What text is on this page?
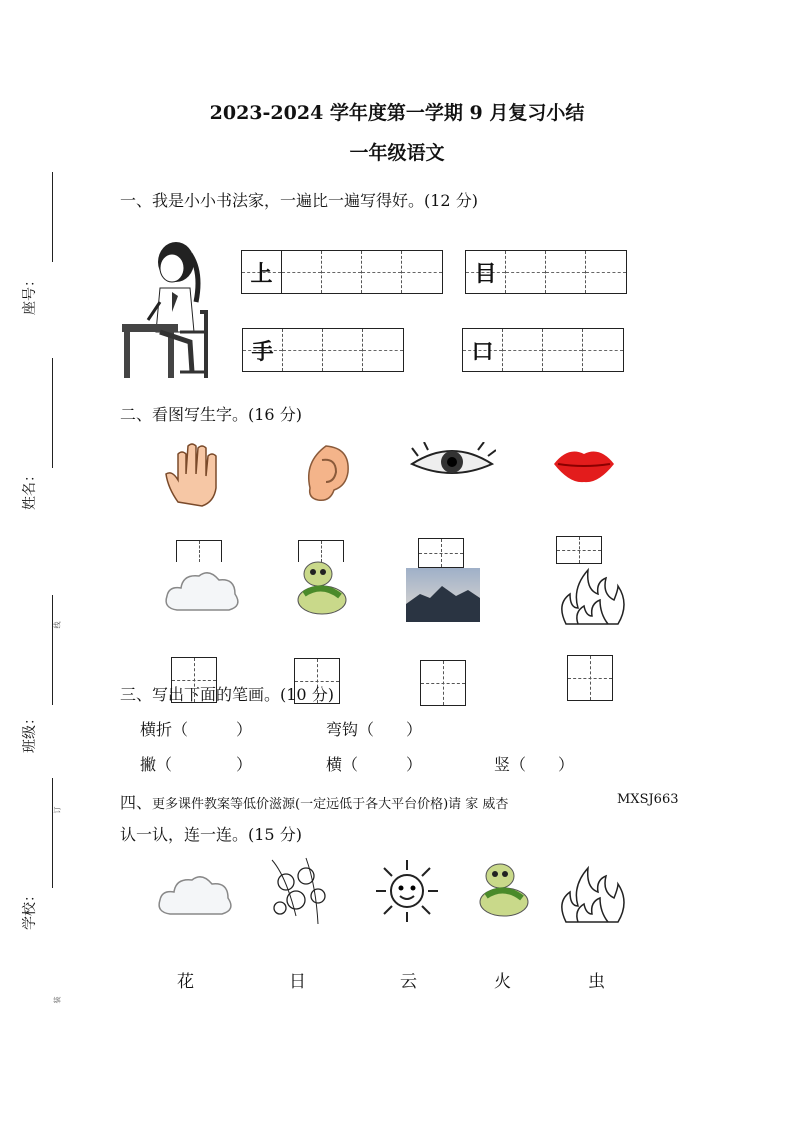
2023-2024 学年度第一学期 9 月复习小结
一年级语文
座号：
姓名：
线
班级：
订
学校：
装
一、我是小小书法家，一遍比一遍写得好。(12 分)
上	目
手	口
二、看图写生字。(16 分)
三、写出下面的笔画。(10 分)
横折（　　　）	弯钩（　　）
撇（　　　　）	横（　　　）	竖（　　）
四、更多课件教案等低价滋源(一定远低于各大平台价格)请 家 威杏	MXSJ663
认一认，连一连。(15 分)
花	日	云	火	虫
